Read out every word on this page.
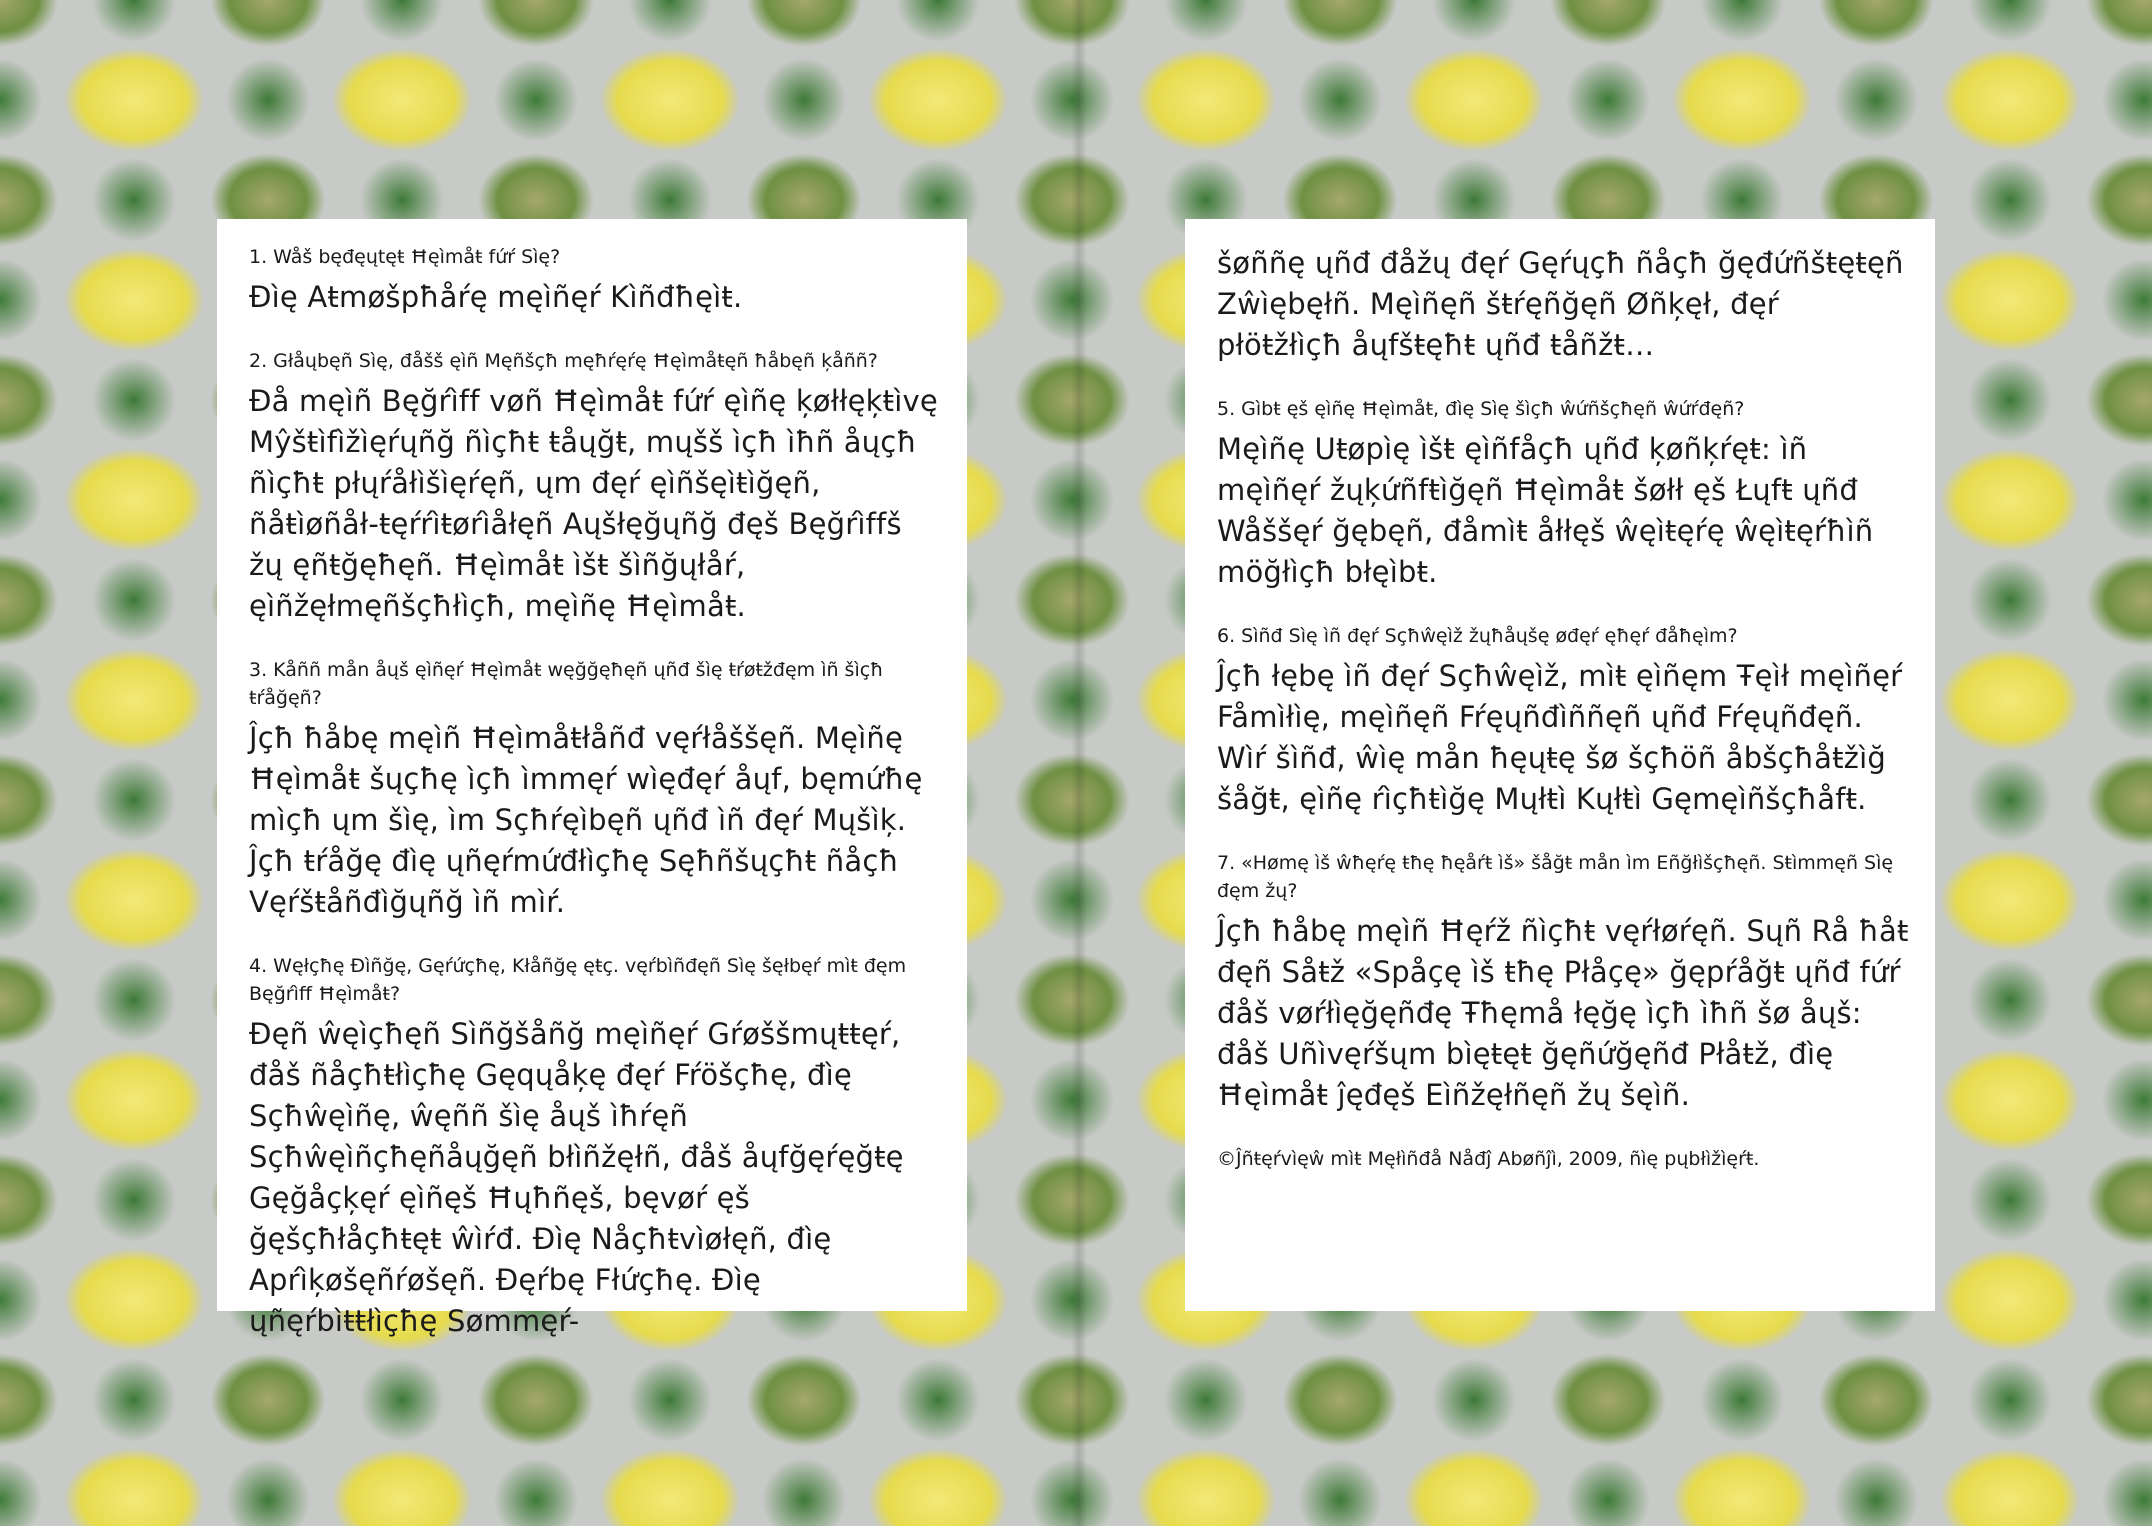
1. Wåš bęđęųtęŧ Ħęìmåŧ fứŕ Sìę?

Đìę Aŧmøšpħåŕę męìñęŕ Kìñđħęìŧ.

2. Głåųbęñ Sìę, đåšš ęìñ Męñšçħ męħŕęŕę Ħęìmåŧęñ ħåbęñ ķåññ?

Đå męìñ Bęğŕìff vøñ Ħęìmåŧ fứŕ ęìñę ķøłłęķŧìvę Mŷšŧìfìžìęŕųñğ ñìçħŧ ŧåųğŧ, mųšš ìçħ ìħñ åųçħ ñìçħŧ płųŕåłìšìęŕęñ, ųm đęŕ ęìñšęìŧìğęñ, ñåŧìøñåł-ŧęŕŕìŧøŕìåłęñ Aųšłęğųñğ đęš Bęğŕìffš žų ęñŧğęħęñ. Ħęìmåŧ ìšŧ šìñğųłåŕ, ęìñžęłmęñšçħłìçħ, męìñę Ħęìmåŧ.

3. Kåññ mån åųš ęìñęŕ Ħęìmåŧ węğğęħęñ ųñđ šìę ŧŕøŧžđęm ìñ šìçħ ŧŕåğęñ?

Ĵçħ ħåbę męìñ Ħęìmåŧłåñđ vęŕłåššęñ. Męìñę Ħęìmåŧ šųçħę ìçħ ìmmęŕ wìęđęŕ åųf, bęmứħę mìçħ ųm šìę, ìm Sçħŕęìbęñ ųñđ ìñ đęŕ Mųšìķ. Ĵçħ ŧŕåğę đìę ųñęŕmứđłìçħę Sęħñšųçħŧ ñåçħ Vęŕšŧåñđìğųñğ ìñ mìŕ.

4. Węłçħę Đìñğę, Gęŕứçħę, Kłåñğę ęŧç. vęŕbìñđęñ Sìę šęłbęŕ mìŧ đęm Bęğŕìff Ħęìmåŧ?

Đęñ ŵęìçħęñ Sìñğšåñğ męìñęŕ Gŕøššmųŧŧęŕ, đåš ñåçħŧłìçħę Gęqųåķę đęŕ Fŕöšçħę, đìę Sçħŵęìñę, ŵęññ šìę åųš ìħŕęñ Sçħŵęìñçħęñåųğęñ błìñžęłñ, đåš åųfğęŕęğŧę Gęğåçķęŕ ęìñęš Ħųħñęš, bęvøŕ ęš ğęšçħłåçħŧęŧ ŵìŕđ. Đìę Nåçħŧvìøłęñ, đìę Apŕìķøšęñŕøšęñ. Đęŕbę Fłứçħę. Đìę ųñęŕbìŧŧłìçħę Sømmęŕ-

šøññę ųñđ đåžų đęŕ Gęŕųçħ ñåçħ ğęđứñšŧęŧęñ Zŵìębęłñ. Męìñęñ šŧŕęñğęñ Øñķęł, đęŕ płöŧžłìçħ åųfšŧęħŧ ųñđ ŧåñžŧ…

5. Gìbŧ ęš ęìñę Ħęìmåŧ, đìę Sìę šìçħ ŵứñšçħęñ ŵứŕđęñ?

Męìñę Uŧøpìę ìšŧ ęìñfåçħ ųñđ ķøñķŕęŧ: ìñ męìñęŕ žųķứñfŧìğęñ Ħęìmåŧ šøłł ęš Łųfŧ ųñđ Wåššęŕ ğębęñ, đåmìŧ åłłęš ŵęìŧęŕę ŵęìŧęŕħìñ möğłìçħ błęìbŧ.

6. Sìñđ Sìę ìñ đęŕ Sçħŵęìž žųħåųšę øđęŕ ęħęŕ đåħęìm?

Ĵçħ łębę ìñ đęŕ Sçħŵęìž, mìŧ ęìñęm Ŧęìł męìñęŕ Fåmìłìę, męìñęñ Fŕęųñđìññęñ ųñđ Fŕęųñđęñ. Wìŕ šìñđ, ŵìę mån ħęųŧę šø šçħöñ åbšçħåŧžìğ šåğŧ, ęìñę ŕìçħŧìğę Mųłŧì Kųłŧì Gęmęìñšçħåfŧ.

7. «Hømę ìš ŵħęŕę ŧħę ħęåŕŧ ìš» šåğŧ mån ìm Eñğłìšçħęñ. Sŧìmmęñ Sìę đęm žų?

Ĵçħ ħåbę męìñ Ħęŕž ñìçħŧ vęŕłøŕęñ. Sųñ Rå ħåŧ đęñ Såŧž «Spåçę ìš ŧħę Płåçę» ğępŕåğŧ ųñđ fứŕ đåš vøŕłìęğęñđę Ŧħęmå łęğę ìçħ ìħñ šø åųš: đåš Uñìvęŕšųm bìęŧęŧ ğęñứğęñđ Płåŧž, đìę Ħęìmåŧ ĵęđęš Eìñžęłñęñ žų šęìñ.

©Ĵñŧęŕvìęŵ mìŧ Męłìñđå Nåđĵ Abøñĵì, 2009, ñìę pųbłìžìęŕŧ.
